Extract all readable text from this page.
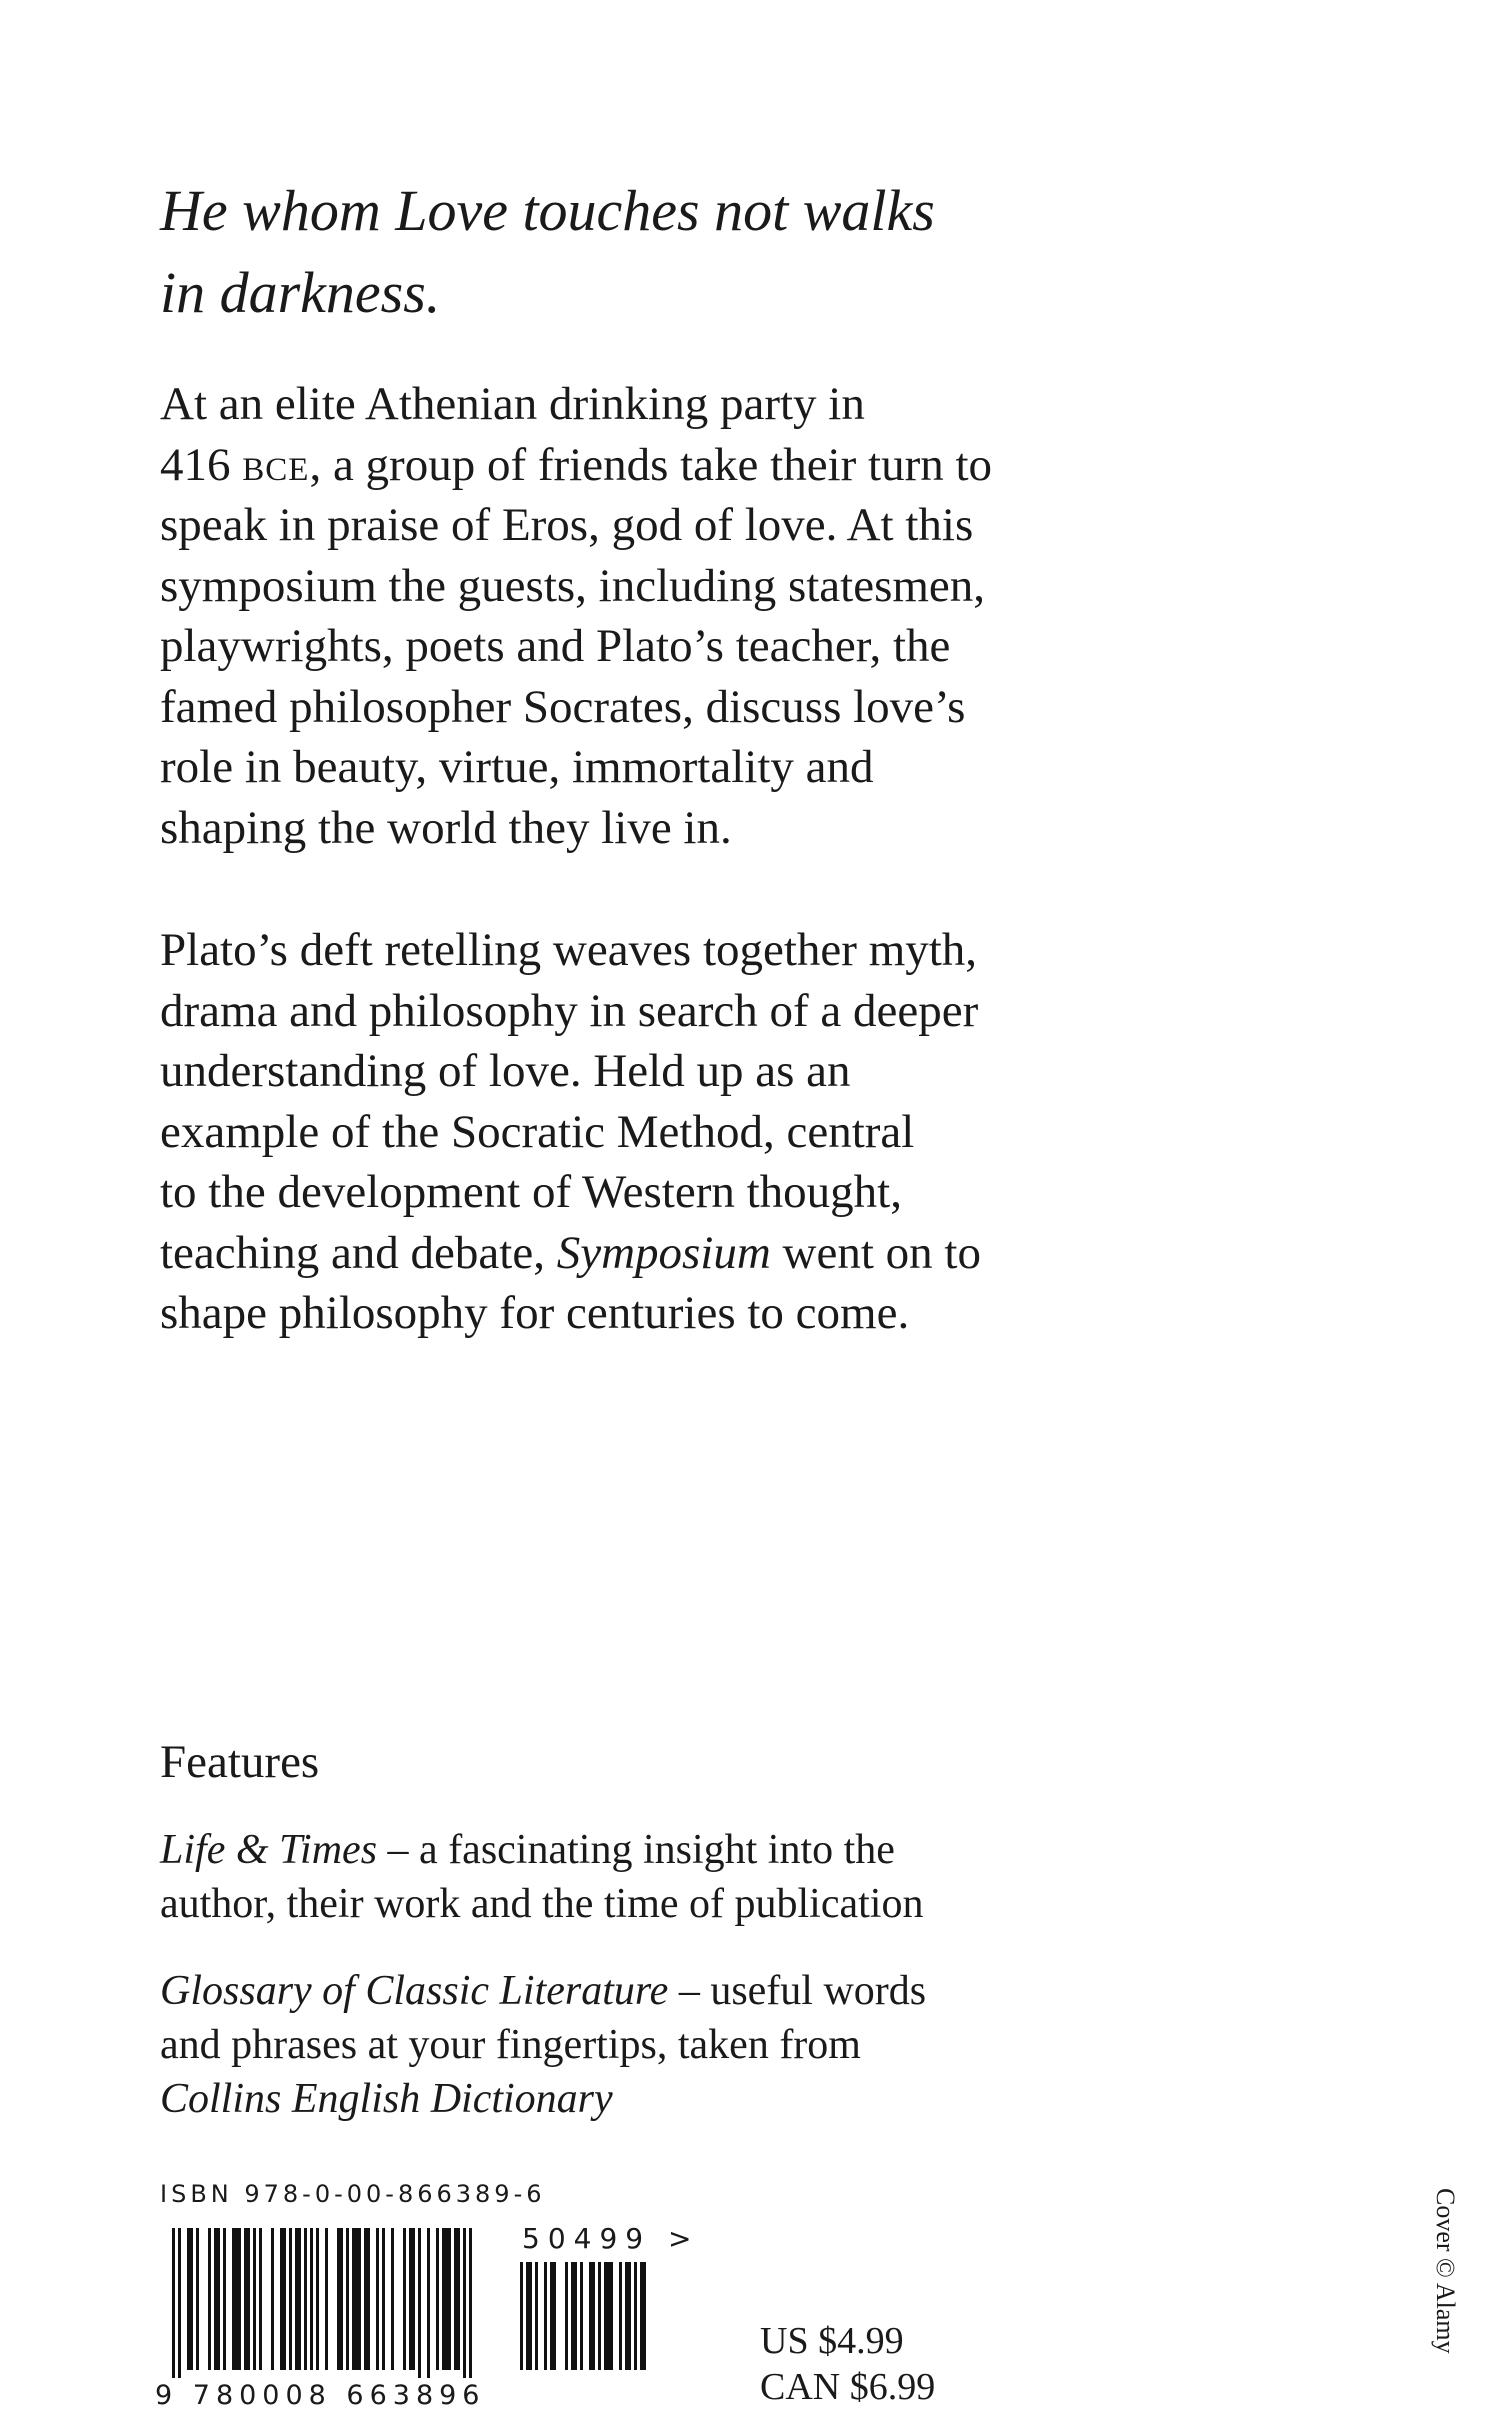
He whom Love touches not walks
in darkness.

At an elite Athenian drinking party in
416 bce, a group of friends take their turn to
speak in praise of Eros, god of love. At this
symposium the guests, including statesmen,
playwrights, poets and Plato’s teacher, the
famed philosopher Socrates, discuss love’s
role in beauty, virtue, immortality and
shaping the world they live in.

Plato’s deft retelling weaves together myth,
drama and philosophy in search of a deeper
understanding of love. Held up as an
example of the Socratic Method, central
to the development of Western thought,
teaching and debate, Symposium went on to
shape philosophy for centuries to come.

Features

Life & Times – a fascinating insight into the
author, their work and the time of publication

Glossary of Classic Literature – useful words
and phrases at your fingertips, taken from
Collins English Dictionary

ISBN 978-0-00-866389-6
50499 >
9 780008 663896
US $4.99
CAN $6.99
Cover © Alamy
